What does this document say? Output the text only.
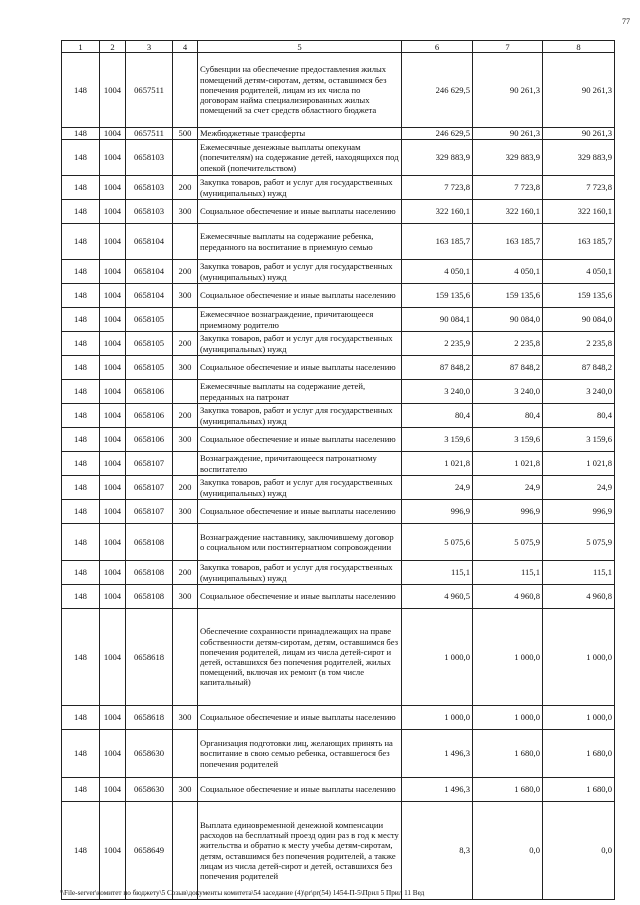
77
1	2	3	4	5	6	7	8
148	1004	0657511		Субвенции на обеспечение предоставления жилых помещений детям-сиротам, детям, оставшимся без попечения родителей, лицам из их числа по договорам найма специализированных жилых помещений за счет средств областного бюджета	246 629,5	90 261,3	90 261,3
148	1004	0657511	500	Межбюджетные трансферты	246 629,5	90 261,3	90 261,3
148	1004	0658103		Ежемесячные денежные выплаты опекунам (попечителям) на содержание детей, находящихся под опекой (попечительством)	329 883,9	329 883,9	329 883,9
148	1004	0658103	200	Закупка товаров, работ и услуг для государственных (муниципальных) нужд	7 723,8	7 723,8	7 723,8
148	1004	0658103	300	Социальное обеспечение и иные выплаты населению	322 160,1	322 160,1	322 160,1
148	1004	0658104		Ежемесячные выплаты на содержание ребенка, переданного на воспитание в приемную семью	163 185,7	163 185,7	163 185,7
148	1004	0658104	200	Закупка товаров, работ и услуг для государственных (муниципальных) нужд	4 050,1	4 050,1	4 050,1
148	1004	0658104	300	Социальное обеспечение и иные выплаты населению	159 135,6	159 135,6	159 135,6
148	1004	0658105		Ежемесячное вознаграждение, причитающееся приемному родителю	90 084,1	90 084,0	90 084,0
148	1004	0658105	200	Закупка товаров, работ и услуг для государственных (муниципальных) нужд	2 235,9	2 235,8	2 235,8
148	1004	0658105	300	Социальное обеспечение и иные выплаты населению	87 848,2	87 848,2	87 848,2
148	1004	0658106		Ежемесячные выплаты на содержание детей, переданных на патронат	3 240,0	3 240,0	3 240,0
148	1004	0658106	200	Закупка товаров, работ и услуг для государственных (муниципальных) нужд	80,4	80,4	80,4
148	1004	0658106	300	Социальное обеспечение и иные выплаты населению	3 159,6	3 159,6	3 159,6
148	1004	0658107		Вознаграждение, причитающееся патронатному воспитателю	1 021,8	1 021,8	1 021,8
148	1004	0658107	200	Закупка товаров, работ и услуг для государственных (муниципальных) нужд	24,9	24,9	24,9
148	1004	0658107	300	Социальное обеспечение и иные выплаты населению	996,9	996,9	996,9
148	1004	0658108		Вознаграждение наставнику, заключившему договор о социальном или постинтернатном сопровождении	5 075,6	5 075,9	5 075,9
148	1004	0658108	200	Закупка товаров, работ и услуг для государственных (муниципальных) нужд	115,1	115,1	115,1
148	1004	0658108	300	Социальное обеспечение и иные выплаты населению	4 960,5	4 960,8	4 960,8
148	1004	0658618		Обеспечение сохранности принадлежащих на праве собственности детям-сиротам, детям, оставшимся без попечения родителей, лицам из числа детей-сирот и детей, оставшихся без попечения родителей, жилых помещений, включая их ремонт (в том числе капитальный)	1 000,0	1 000,0	1 000,0
148	1004	0658618	300	Социальное обеспечение и иные выплаты населению	1 000,0	1 000,0	1 000,0
148	1004	0658630		Организация подготовки лиц, желающих принять на воспитание в свою семью ребенка, оставшегося без попечения родителей	1 496,3	1 680,0	1 680,0
148	1004	0658630	300	Социальное обеспечение и иные выплаты населению	1 496,3	1 680,0	1 680,0
148	1004	0658649		Выплата единовременной денежной компенсации расходов на бесплатный проезд один раз в год к месту жительства и обратно к месту учебы детям-сиротам, детям, оставшимся без попечения родителей, а также лицам из числа детей-сирот и детей, оставшихся без попечения родителей	8,3	0,0	0,0
\\File-server\комитет по бюджету\5 Созыв\документы комитета\54 заседание (4)\pr\pr(54) 1454-П-5\Прил 5 Прил 11 Вед
